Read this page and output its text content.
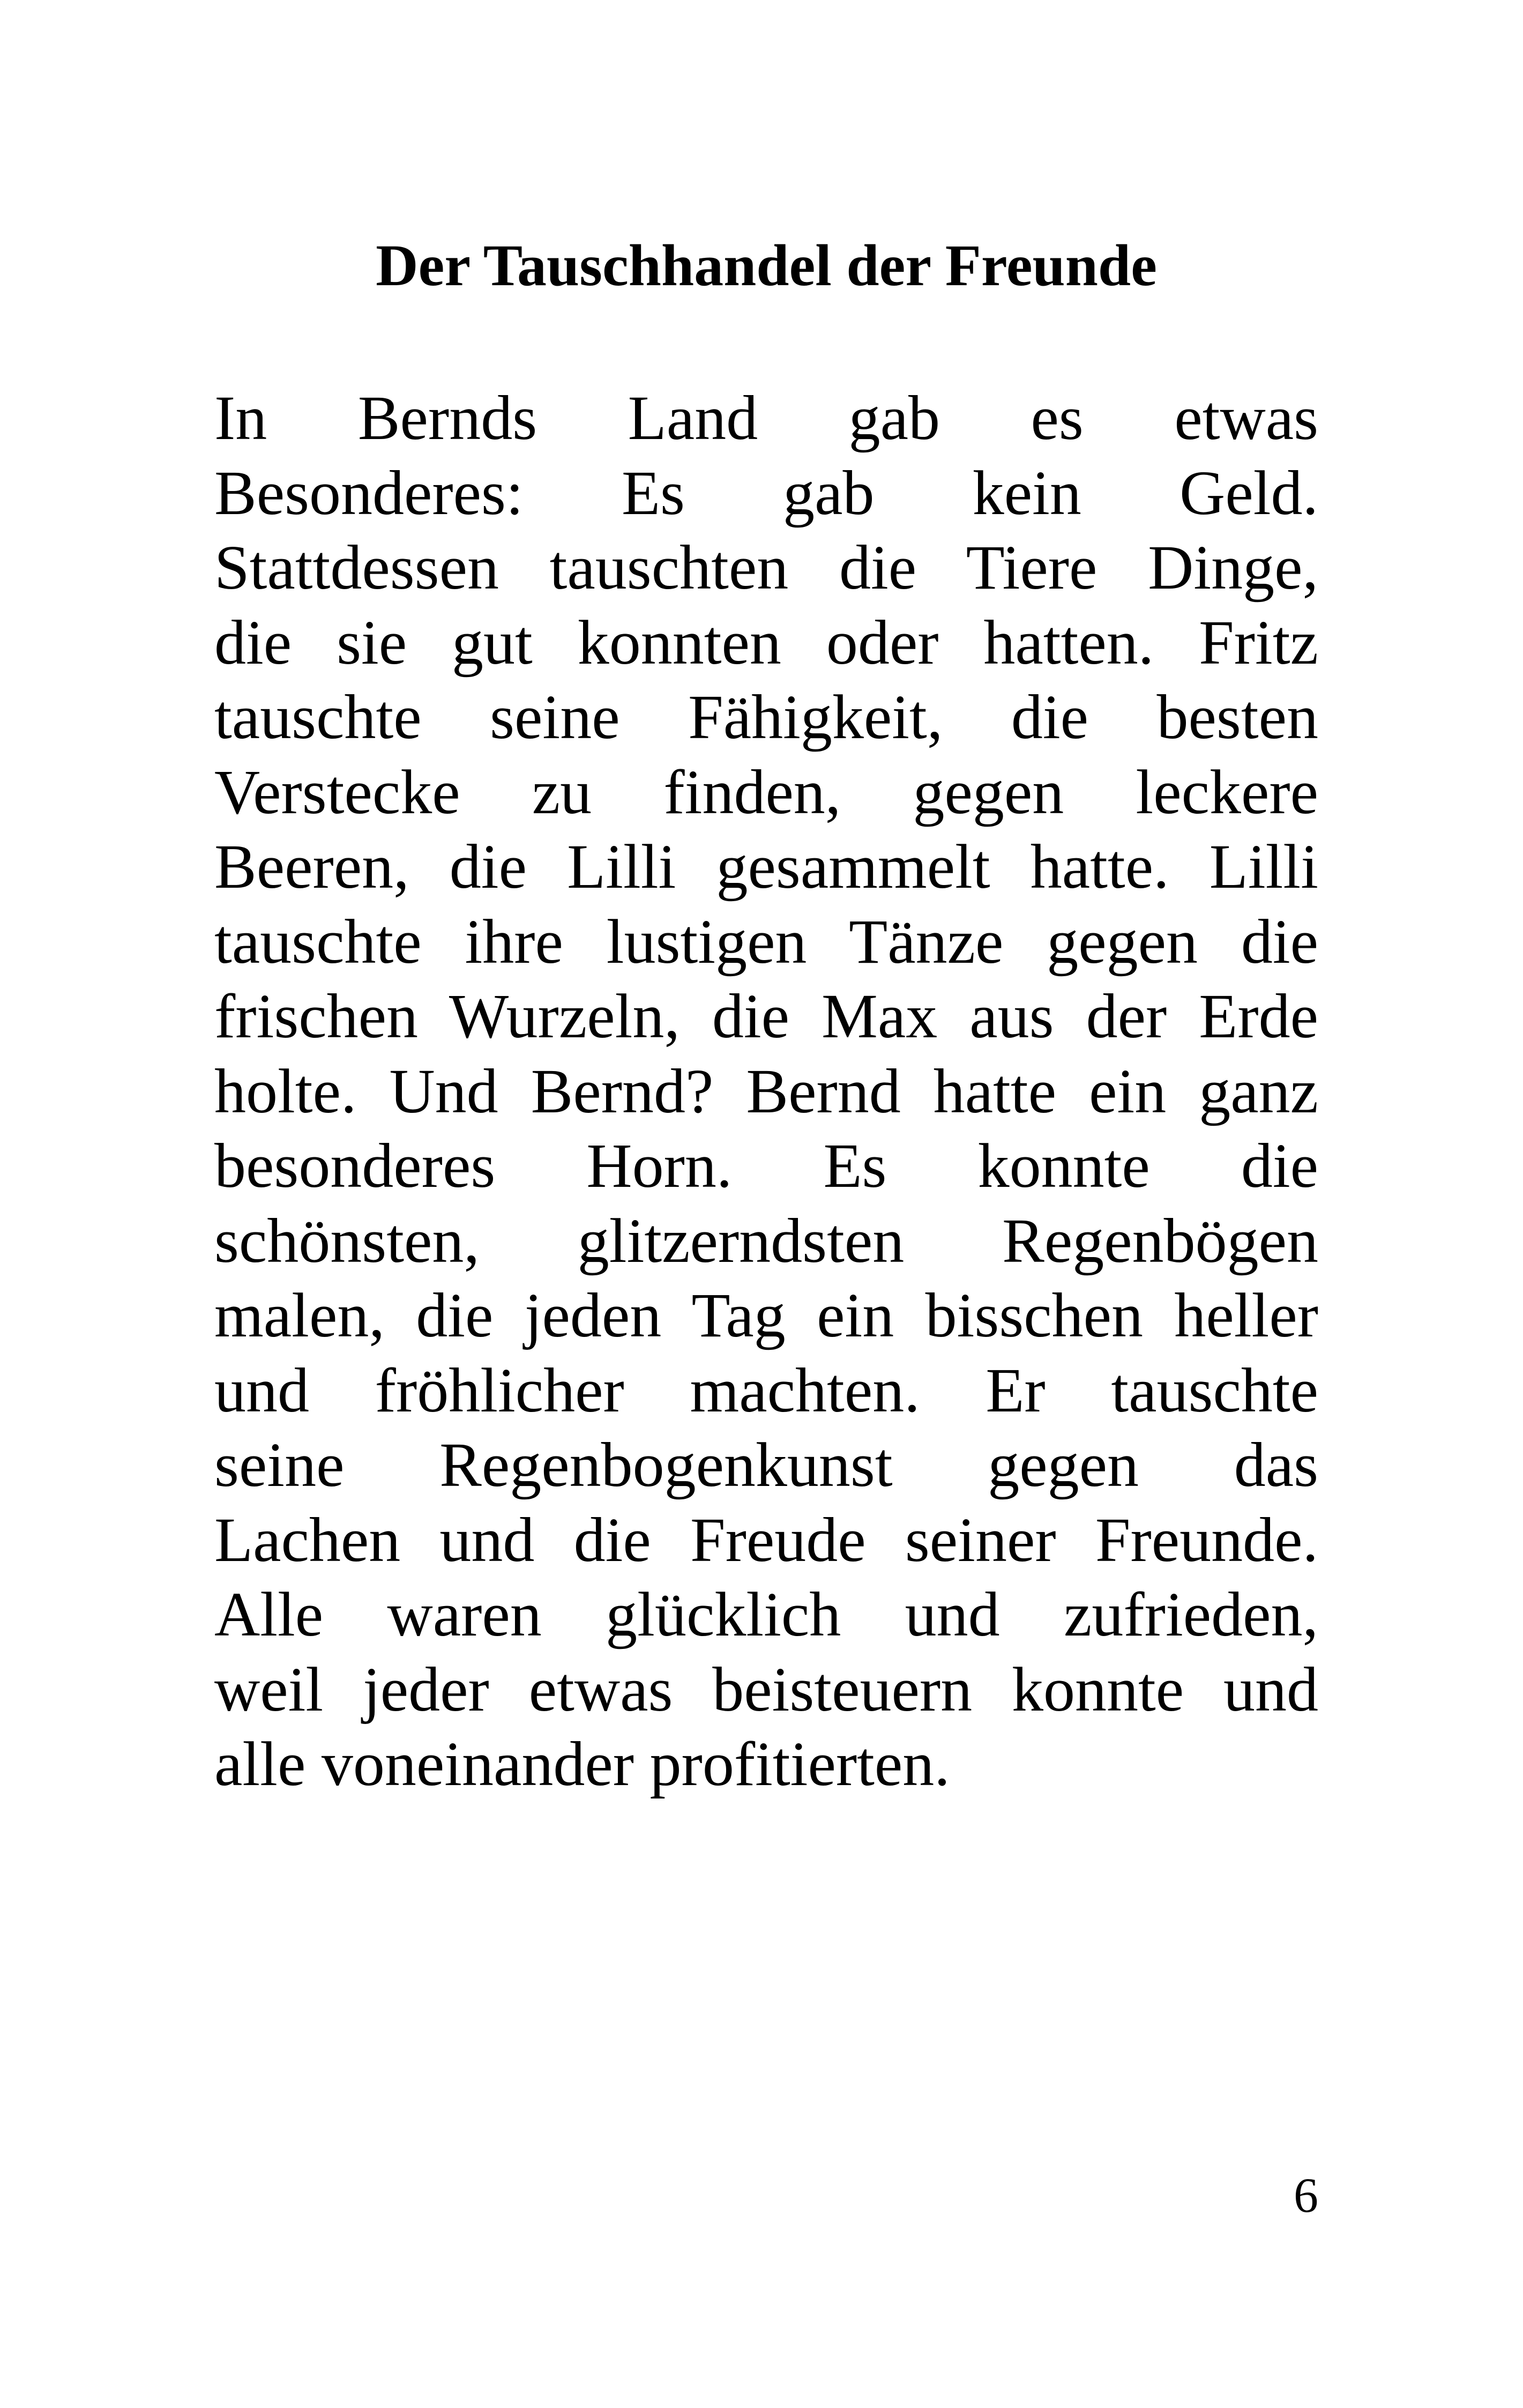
Der Tauschhandel der Freunde
In Bernds Land gab es etwas
Besonderes: Es gab kein Geld.
Stattdessen tauschten die Tiere Dinge,
die sie gut konnten oder hatten. Fritz
tauschte seine Fähigkeit, die besten
Verstecke zu finden, gegen leckere
Beeren, die Lilli gesammelt hatte. Lilli
tauschte ihre lustigen Tänze gegen die
frischen Wurzeln, die Max aus der Erde
holte. Und Bernd? Bernd hatte ein ganz
besonderes Horn. Es konnte die
schönsten, glitzerndsten Regenbögen
malen, die jeden Tag ein bisschen heller
und fröhlicher machten. Er tauschte
seine Regenbogenkunst gegen das
Lachen und die Freude seiner Freunde.
Alle waren glücklich und zufrieden,
weil jeder etwas beisteuern konnte und
alle voneinander profitierten.
6
